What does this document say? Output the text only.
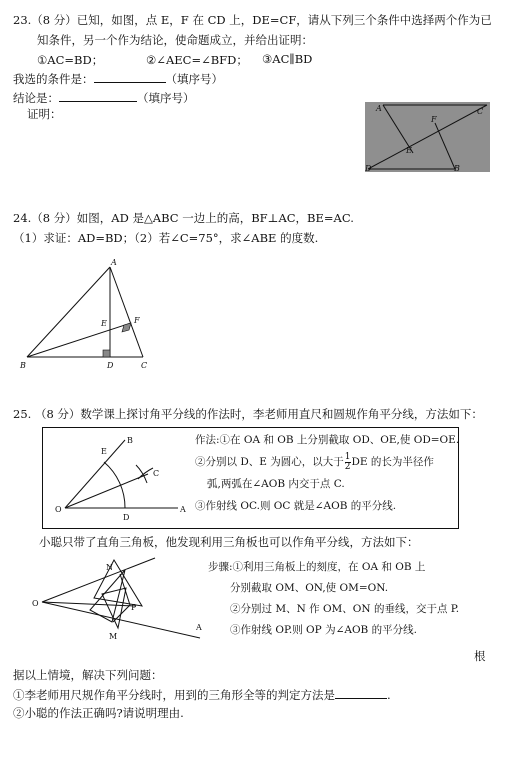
23.（8 分）已知，如图，点 E，F 在 CD 上，DE=CF，请从下列三个条件中选择两个作为已
知条件，另一个作为结论，使命题成立，并给出证明：
①AC=BD；	②∠AEC=∠BFD； ③AC∥BD
我选的条件是：	（填序号）
结论是：	（填序号）
证明：	A	C
F
E
D	B
24.（8 分）如图，AD 是△ABC 一边上的高，BF⊥AC，BE=AC.
（1）求证：AD=BD；（2）若∠C=75°，求∠ABE 的度数.
A
F
E
B	D	C
25. （8 分）数学课上探讨角平分线的作法时，李老师用直尺和圆规作角平分线，方法如下：
B
E
C
O
D
A
作法:①在 OA 和 OB 上分别截取 OD、OE,使 OD=OE.
②分别以 D、E 为圆心，以大于 $\frac{1}{2}$ DE 的长为半径作
弧,两弧在∠AOB 内交于点 C.
③作射线 OC.则 OC 就是∠AOB 的平分线.
小聪只带了直角三角板，他发现利用三角板也可以作角平分线，方法如下：
N
O	P
M
A
步骤:①利用三角板上的刻度，在 OA 和 OB 上
分别截取 OM、ON,使 OM=ON.
②分别过 M、N 作 OM、ON 的垂线，交于点 P.
③作射线 OP.则 OP 为∠AOB 的平分线.
根
据以上情境，解决下列问题：
①李老师用尺规作角平分线时，用到的三角形全等的判定方法是	.
②小聪的作法正确吗?请说明理由.
